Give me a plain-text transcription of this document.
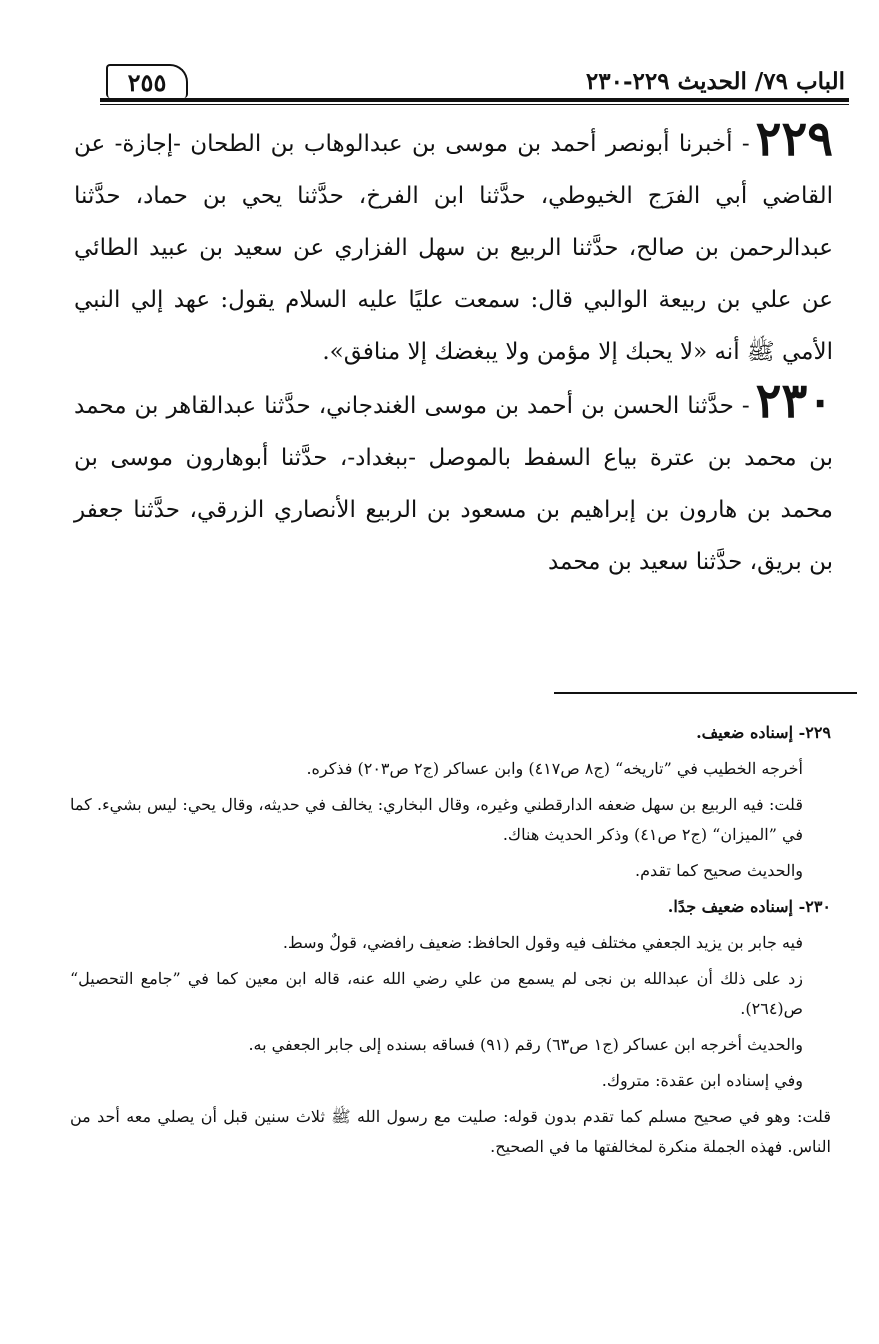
الباب ٧٩/ الحديث ٢٢٩-٢٣٠
٢٥٥

٢٢٩- أخبرنا أبونصر أحمد بن موسى بن عبدالوهاب بن الطحان -إجازة- عن القاضي أبي الفرَج الخيوطي، حدَّثنا ابن الفرخ، حدَّثنا يحي بن حماد، حدَّثنا عبدالرحمن بن صالح، حدَّثنا الربيع بن سهل الفزاري عن سعيد بن عبيد الطائي عن علي بن ربيعة الوالبي قال: سمعت عليًا عليه السلام يقول: عهد إلي النبي الأمي ﷺ أنه «لا يحبك إلا مؤمن ولا يبغضك إلا منافق».

٢٣٠- حدَّثنا الحسن بن أحمد بن موسى الغندجاني، حدَّثنا عبدالقاهر بن محمد بن محمد بن عترة بياع السفط بالموصل -ببغداد-، حدَّثنا أبوهارون موسى بن محمد بن هارون بن إبراهيم بن مسعود بن الربيع الأنصاري الزرقي، حدَّثنا جعفر بن بريق، حدَّثنا سعيد بن محمد

٢٢٩- إسناده ضعيف.

أخرجه الخطيب في ”تاريخه“ (ج٨ ص٤١٧) وابن عساكر (ج٢ ص٢٠٣) فذكره.

قلت: فيه الربيع بن سهل ضعفه الدارقطني وغيره، وقال البخاري: يخالف في حديثه، وقال يحي: ليس بشيء. كما في ”الميزان“ (ج٢ ص٤١) وذكر الحديث هناك.

والحديث صحيح كما تقدم.

٢٣٠- إسناده ضعيف جدًا.

فيه جابر بن يزيد الجعفي مختلف فيه وقول الحافظ: ضعيف رافضي، قولٌ وسط.

زد على ذلك أن عبدالله بن نجى لم يسمع من علي رضي الله عنه، قاله ابن معين كما في ”جامع التحصيل“ ص(٢٦٤).

والحديث أخرجه ابن عساكر (ج١ ص٦٣) رقم (٩١) فساقه بسنده إلى جابر الجعفي به.

وفي إسناده ابن عقدة: متروك.

قلت: وهو في صحيح مسلم كما تقدم بدون قوله: صليت مع رسول الله ﷺ ثلاث سنين قبل أن يصلي معه أحد من الناس. فهذه الجملة منكرة لمخالفتها ما في الصحيح.
